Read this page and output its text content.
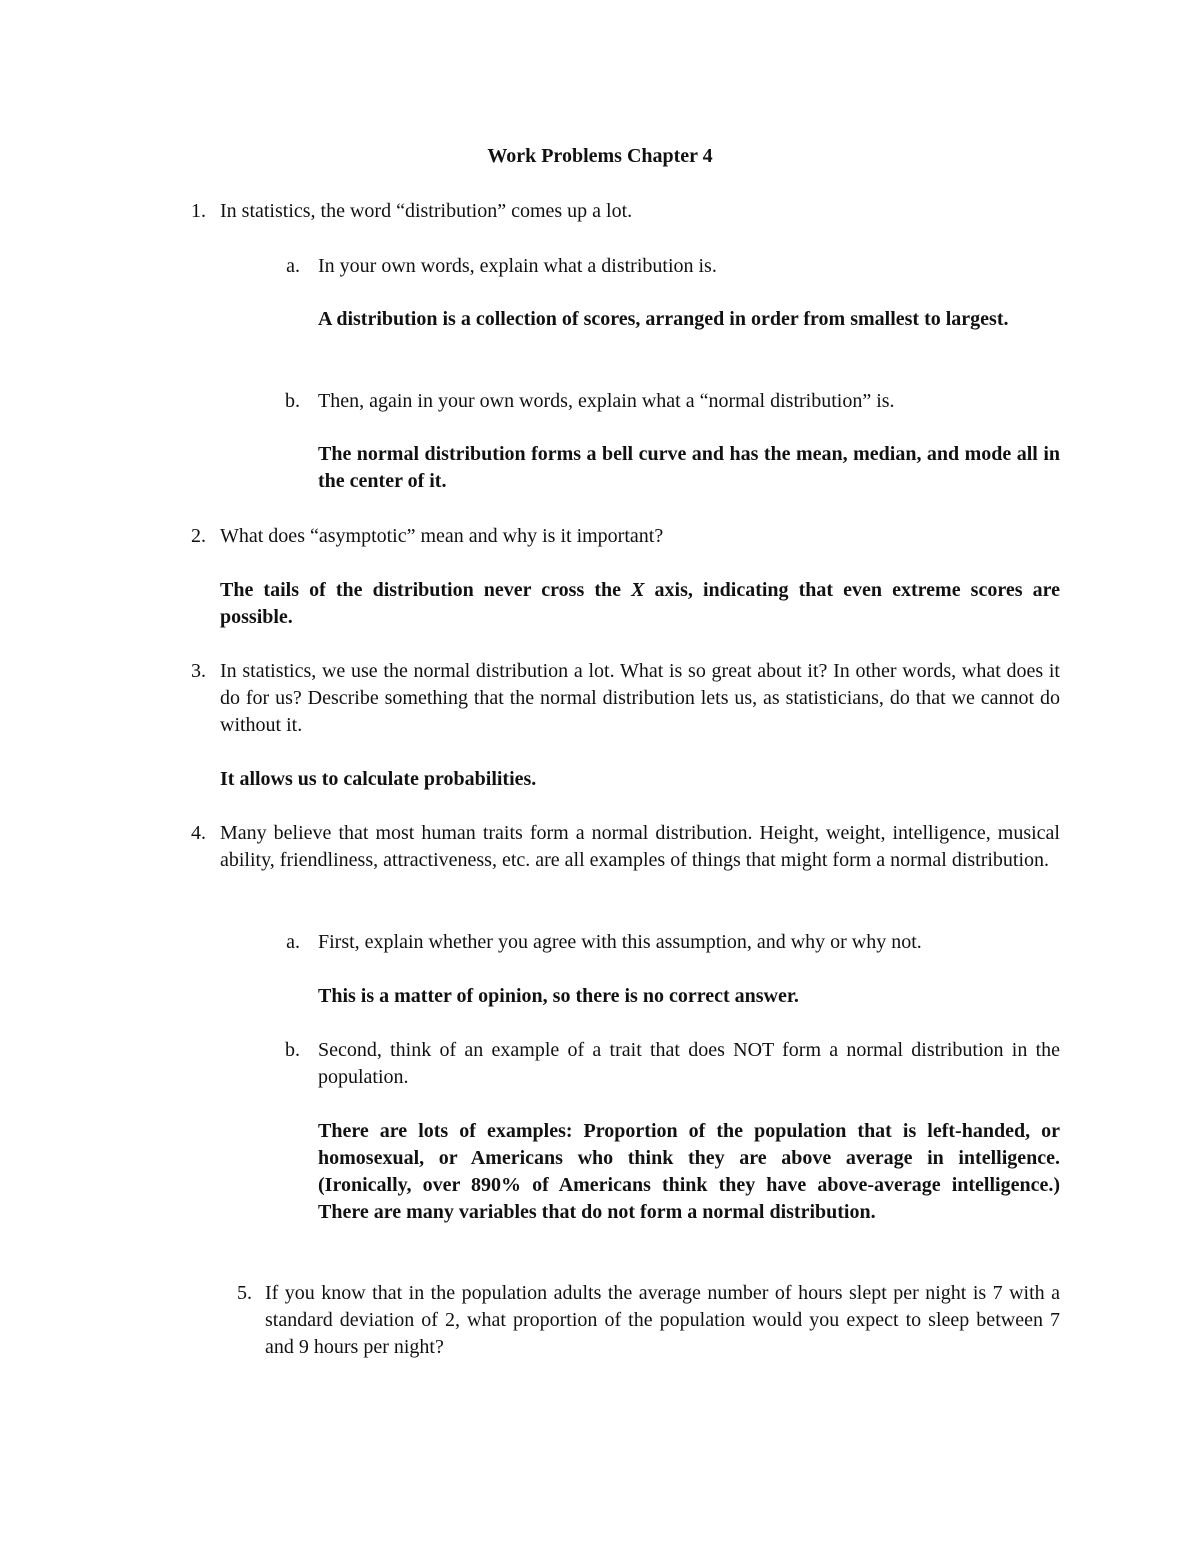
Work Problems Chapter 4
1. In statistics, the word “distribution” comes up a lot.
a. In your own words, explain what a distribution is.
A distribution is a collection of scores, arranged in order from smallest to largest.
b. Then, again in your own words, explain what a “normal distribution” is.
The normal distribution forms a bell curve and has the mean, median, and mode all in the center of it.
2. What does “asymptotic” mean and why is it important?
The tails of the distribution never cross the X axis, indicating that even extreme scores are possible.
3. In statistics, we use the normal distribution a lot. What is so great about it? In other words, what does it do for us? Describe something that the normal distribution lets us, as statisticians, do that we cannot do without it.
It allows us to calculate probabilities.
4. Many believe that most human traits form a normal distribution. Height, weight, intelligence, musical ability, friendliness, attractiveness, etc. are all examples of things that might form a normal distribution.
a. First, explain whether you agree with this assumption, and why or why not.
This is a matter of opinion, so there is no correct answer.
b. Second, think of an example of a trait that does NOT form a normal distribution in the population.
There are lots of examples: Proportion of the population that is left-handed, or homosexual, or Americans who think they are above average in intelligence. (Ironically, over 890% of Americans think they have above-average intelligence.) There are many variables that do not form a normal distribution.
5. If you know that in the population adults the average number of hours slept per night is 7 with a standard deviation of 2, what proportion of the population would you expect to sleep between 7 and 9 hours per night?
